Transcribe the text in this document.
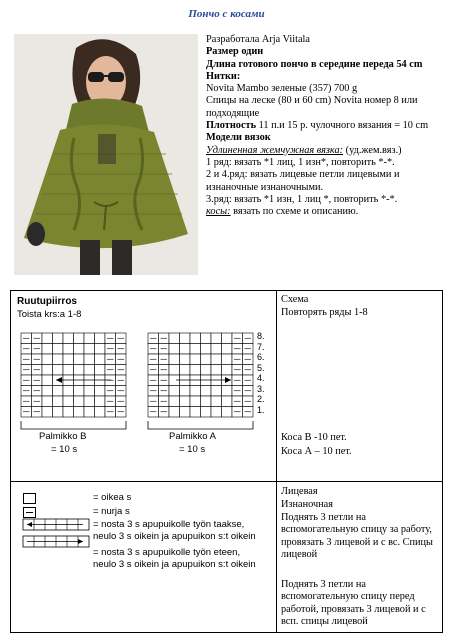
Пончо с косами
Разработала Arja Viitala
Размер один
Длина готового пончо в середине переда 54 cm
Нитки:
Novita Mambo зеленые (357) 700 g
Спицы на леске (80 и 60 cm) Novita номер 8 или подходящие
Плотность 11 п.и 15 р. чулочного вязания = 10 cm
Модели вязок
Удлиненная жемчужная вязка: (уд.жем.вяз.)
1 ряд: вязать *1 лиц, 1 изн*, повторить *-*.
2 и 4.ряд: вязать лицевые петли лицевыми и изнаночные изнаночными.
3.ряд: вязать *1 изн, 1 лиц *, повторить *-*.
косы: вязать по схеме и описанию.
Ruutupiirros
Toista krs:a 1-8
8.
7.
6.
5.
4.
3.
2.
1.
Palmikko B
= 10 s
Palmikko A
= 10 s
Схема
Повторять ряды 1-8
Коса В -10 пет.
Коса А – 10 пет.
= oikea s
= nurja s
= nosta 3 s apupuikolle työn taakse,
neulo 3 s oikein ja apupuikon s:t oikein
= nosta 3 s apupuikolle työn eteen,
neulo 3 s oikein ja apupuikon s:t oikein
Лицевая
Изнаночная
Поднять 3 петли на вспомогательную спицу за работу, провязать 3 лицевой и с вс. Спицы лицевой
Поднять 3 петли на вспомогательную спицу перед работой, провязать 3 лицевой и с всп. спицы лицевой
